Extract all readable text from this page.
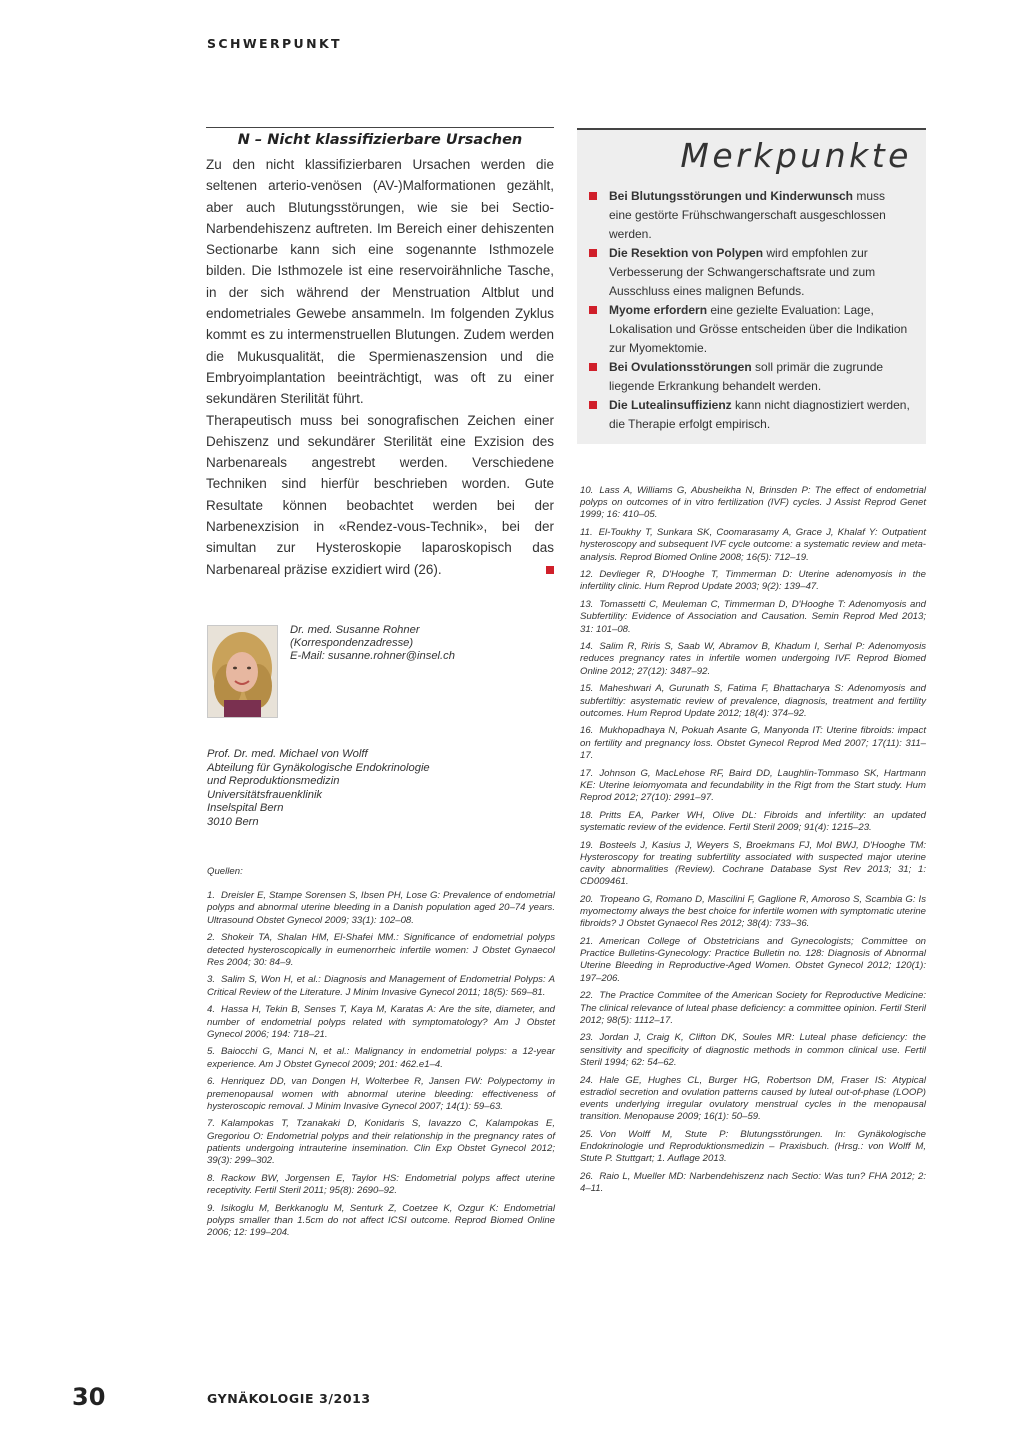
SCHWERPUNKT
N – Nicht klassifizierbare Ursachen

Zu den nicht klassifizierbaren Ursachen werden die seltenen arterio-venösen (AV-)Malformationen gezählt, aber auch Blutungsstörungen, wie sie bei Sectio-Narbendehiszenz auftreten. Im Bereich einer dehiszenten Sectionarbe kann sich eine sogenannte Isthmozele bilden. Die Isthmozele ist eine reservoirähnliche Tasche, in der sich während der Menstruation Altblut und endometriales Gewebe ansammeln. Im folgenden Zyklus kommt es zu intermenstruellen Blutungen. Zudem werden die Mukusqualität, die Spermienaszension und die Embryoimplantation beeinträchtigt, was oft zu einer sekundären Sterilität führt.

Therapeutisch muss bei sonografischen Zeichen einer Dehiszenz und sekundärer Sterilität eine Exzision des Narbenareals angestrebt werden. Verschiedene Techniken sind hierfür beschrieben worden. Gute Resultate können beobachtet werden bei der Narbenexzision in «Rendez-vous-Technik», bei der simultan zur Hysteroskopie laparoskopisch das Narbenareal präzise exzidiert wird (26).

Dr. med. Susanne Rohner
(Korrespondenzadresse)
E-Mail: susanne.rohner@insel.ch
Prof. Dr. med. Michael von Wolff
Abteilung für Gynäkologische Endokrinologie
und Reproduktionsmedizin
Universitätsfrauenklinik
Inselspital Bern
3010 Bern
Quellen:
1. Dreisler E, Stampe Sorensen S, Ibsen PH, Lose G: Prevalence of endometrial polyps and abnormal uterine bleeding in a Danish population aged 20–74 years. Ultrasound Obstet Gynecol 2009; 33(1): 102–08.
2. Shokeir TA, Shalan HM, El-Shafei MM.: Significance of endometrial polyps detected hysteroscopically in eumenorrheic infertile women: J Obstet Gynaecol Res 2004; 30: 84–9.
3. Salim S, Won H, et al.: Diagnosis and Management of Endometrial Polyps: A Critical Review of the Literature. J Minim Invasive Gynecol 2011; 18(5): 569–81.
4. Hassa H, Tekin B, Senses T, Kaya M, Karatas A: Are the site, diameter, and number of endometrial polyps related with symptomatology? Am J Obstet Gynecol 2006; 194: 718–21.
5. Baiocchi G, Manci N, et al.: Malignancy in endometrial polyps: a 12-year experience. Am J Obstet Gynecol 2009; 201: 462.e1–4.
6. Henriquez DD, van Dongen H, Wolterbee R, Jansen FW: Polypectomy in premenopausal women with abnormal uterine bleeding: effectiveness of hysteroscopic removal. J Minim Invasive Gynecol 2007; 14(1): 59–63.
7. Kalampokas T, Tzanakaki D, Konidaris S, Iavazzo C, Kalampokas E, Gregoriou O: Endometrial polyps and their relationship in the pregnancy rates of patients undergoing intrauterine insemination. Clin Exp Obstet Gynecol 2012; 39(3): 299–302.
8. Rackow BW, Jorgensen E, Taylor HS: Endometrial polyps affect uterine receptivity. Fertil Steril 2011; 95(8): 2690–92.
9. Isikoglu M, Berkkanoglu M, Senturk Z, Coetzee K, Ozgur K: Endometrial polyps smaller than 1.5cm do not affect ICSI outcome. Reprod Biomed Online 2006; 12: 199–204.
Merkpunkte
Bei Blutungsstörungen und Kinderwunsch muss eine gestörte Frühschwangerschaft ausgeschlossen werden.
Die Resektion von Polypen wird empfohlen zur Verbesserung der Schwangerschaftsrate und zum Ausschluss eines malignen Befunds.
Myome erfordern eine gezielte Evaluation: Lage, Lokalisation und Grösse entscheiden über die Indikation zur Myomektomie.
Bei Ovulationsstörungen soll primär die zugrunde liegende Erkrankung behandelt werden.
Die Lutealinsuffizienz kann nicht diagnostiziert werden, die Therapie erfolgt empirisch.
10. Lass A, Williams G, Abusheikha N, Brinsden P: The effect of endometrial polyps on outcomes of in vitro fertilization (IVF) cycles. J Assist Reprod Genet 1999; 16: 410–05.
11. El-Toukhy T, Sunkara SK, Coomarasamy A, Grace J, Khalaf Y: Outpatient hysteroscopy and subsequent IVF cycle outcome: a systematic review and meta-analysis. Reprod Biomed Online 2008; 16(5): 712–19.
12. Devlieger R, D'Hooghe T, Timmerman D: Uterine adenomyosis in the infertility clinic. Hum Reprod Update 2003; 9(2): 139–47.
13. Tomassetti C, Meuleman C, Timmerman D, D'Hooghe T: Adenomyosis and Subfertility: Evidence of Association and Causation. Semin Reprod Med 2013; 31: 101–08.
14. Salim R, Riris S, Saab W, Abramov B, Khadum I, Serhal P: Adenomyosis reduces pregnancy rates in infertile women undergoing IVF. Reprod Biomed Online 2012; 27(12): 3487–92.
15. Maheshwari A, Gurunath S, Fatima F, Bhattacharya S: Adenomyosis and subfertiltiy: asystematic review of prevalence, diagnosis, treatment and fertility outcomes. Hum Reprod Update 2012; 18(4): 374–92.
16. Mukhopadhaya N, Pokuah Asante G, Manyonda IT: Uterine fibroids: impact on fertility and pregnancy loss. Obstet Gynecol Reprod Med 2007; 17(11): 311–17.
17. Johnson G, MacLehose RF, Baird DD, Laughlin-Tommaso SK, Hartmann KE: Uterine leiomyomata and fecundability in the Rigt from the Start study. Hum Reprod 2012; 27(10): 2991–97.
18. Pritts EA, Parker WH, Olive DL: Fibroids and infertility: an updated systematic review of the evidence. Fertil Steril 2009; 91(4): 1215–23.
19. Bosteels J, Kasius J, Weyers S, Broekmans FJ, Mol BWJ, D'Hooghe TM: Hysteroscopy for treating subfertility associated with suspected major uterine cavity abnormalities (Review). Cochrane Database Syst Rev 2013; 31; 1: CD009461.
20. Tropeano G, Romano D, Mascilini F, Gaglione R, Amoroso S, Scambia G: Is myomectomy always the best choice for infertile women with symptomatic uterine fibroids? J Obstet Gynaecol Res 2012; 38(4): 733–36.
21. American College of Obstetricians and Gynecologists; Committee on Practice Bulletins-Gynecology: Practice Bulletin no. 128: Diagnosis of Abnormal Uterine Bleeding in Reproductive-Aged Women. Obstet Gynecol 2012; 120(1): 197–206.
22. The Practice Commitee of the American Society for Reproductive Medicine: The clinical relevance of luteal phase deficiency: a committee opinion. Fertil Steril 2012; 98(5): 1112–17.
23. Jordan J, Craig K, Clifton DK, Soules MR: Luteal phase deficiency: the sensitivity and specificity of diagnostic methods in common clinical use. Fertil Steril 1994; 62: 54–62.
24. Hale GE, Hughes CL, Burger HG, Robertson DM, Fraser IS: Atypical estradiol secretion and ovulation patterns caused by luteal out-of-phase (LOOP) events underlying irregular ovulatory menstrual cycles in the menopausal transition. Menopause 2009; 16(1): 50–59.
25. Von Wolff M, Stute P: Blutungsstörungen. In: Gynäkologische Endokrinologie und Reproduktionsmedizin – Praxisbuch. (Hrsg.: von Wolff M, Stute P. Stuttgart; 1. Auflage 2013.
26. Raio L, Mueller MD: Narbendehiszenz nach Sectio: Was tun? FHA 2012; 2: 4–11.
30	GYNÄKOLOGIE 3/2013
